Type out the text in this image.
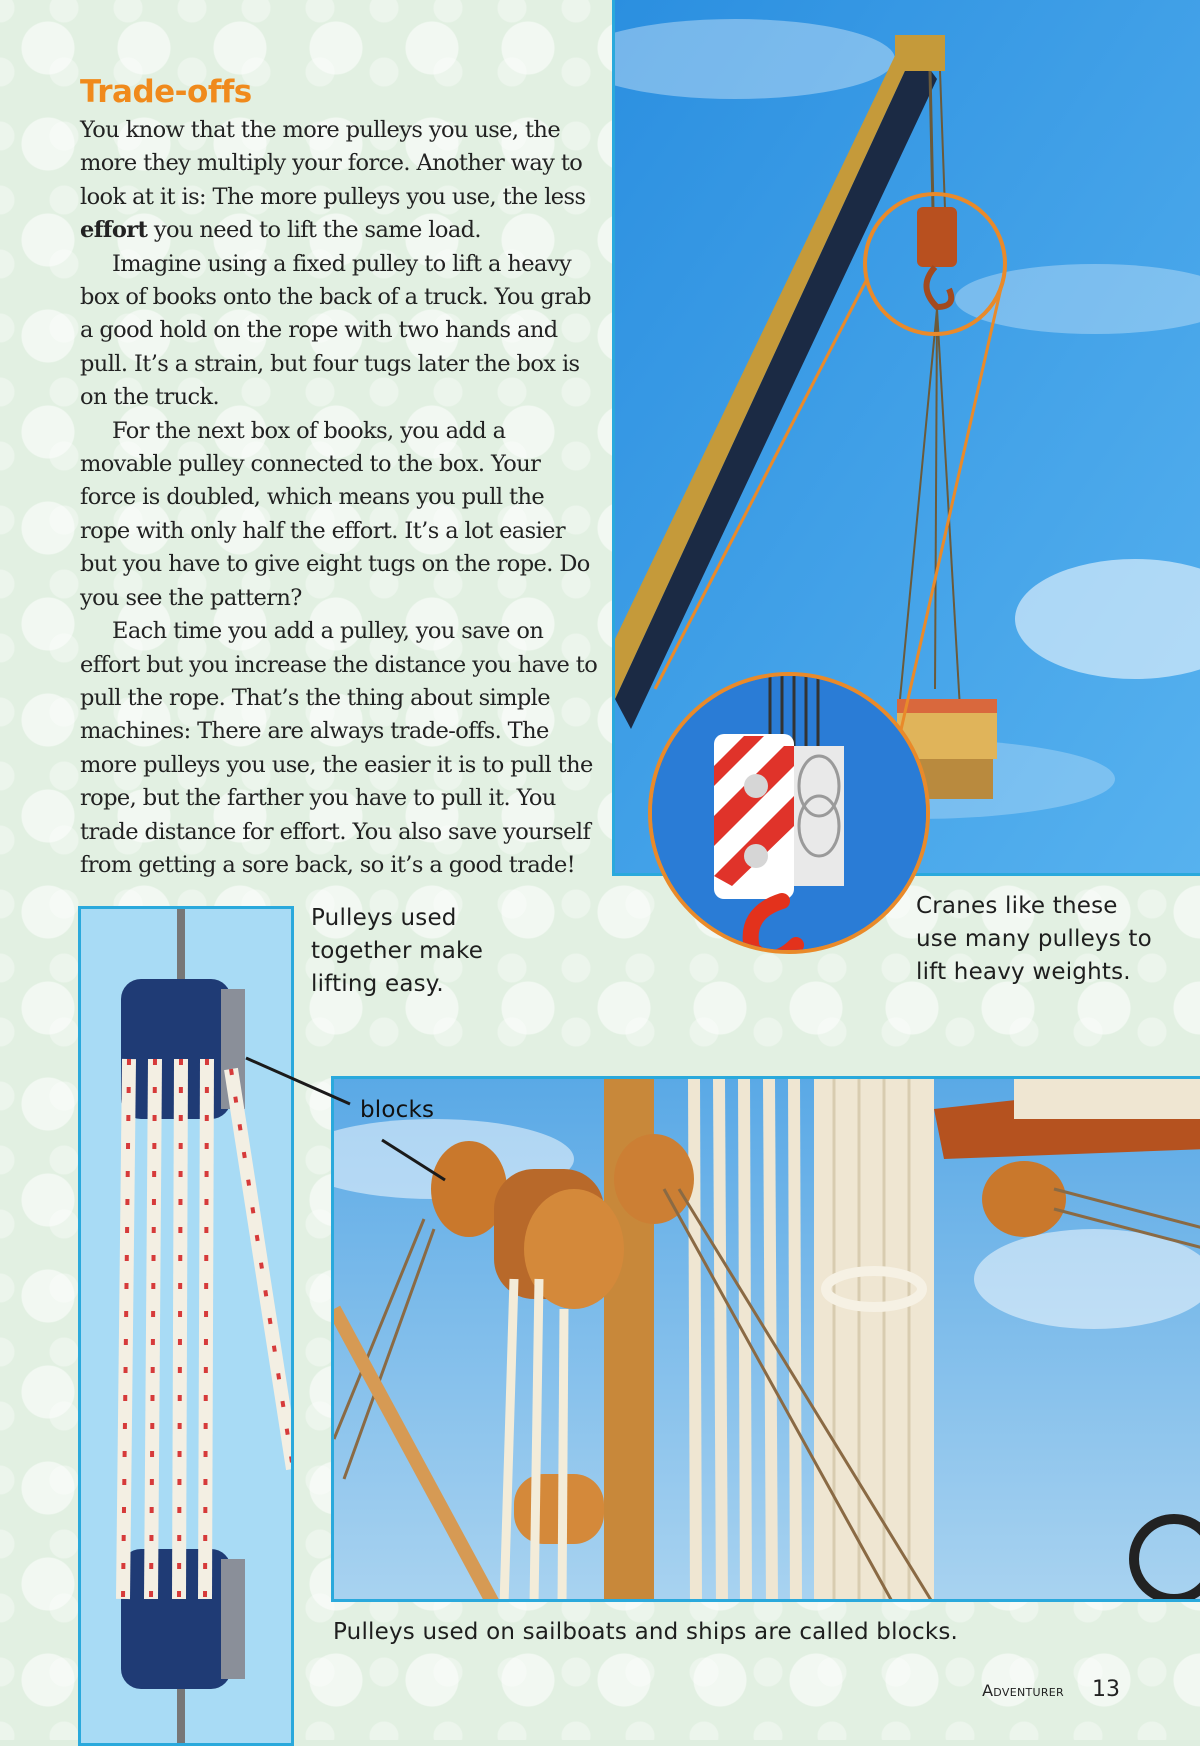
Trade-offs

You know that the more pulleys you use, the more they multiply your force. Another way to look at it is: The more pulleys you use, the less effort you need to lift the same load.
Imagine using a fixed pulley to lift a heavy box of books onto the back of a truck. You grab a good hold on the rope with two hands and pull. It’s a strain, but four tugs later the box is on the truck.
For the next box of books, you add a movable pulley connected to the box. Your force is doubled, which means you pull the rope with only half the effort. It’s a lot easier but you have to give eight tugs on the rope. Do you see the pattern?
Each time you add a pulley, you save on effort but you increase the distance you have to pull the rope. That’s the thing about simple machines: There are always trade-offs. The more pulleys you use, the easier it is to pull the rope, but the farther you have to pull it. You trade distance for effort. You also save yourself from getting a sore back, so it’s a good trade!

Cranes like these use many pulleys to lift heavy weights.
Pulleys used together make lifting easy.
blocks
Pulleys used on sailboats and ships are called blocks.
Adventurer 13
